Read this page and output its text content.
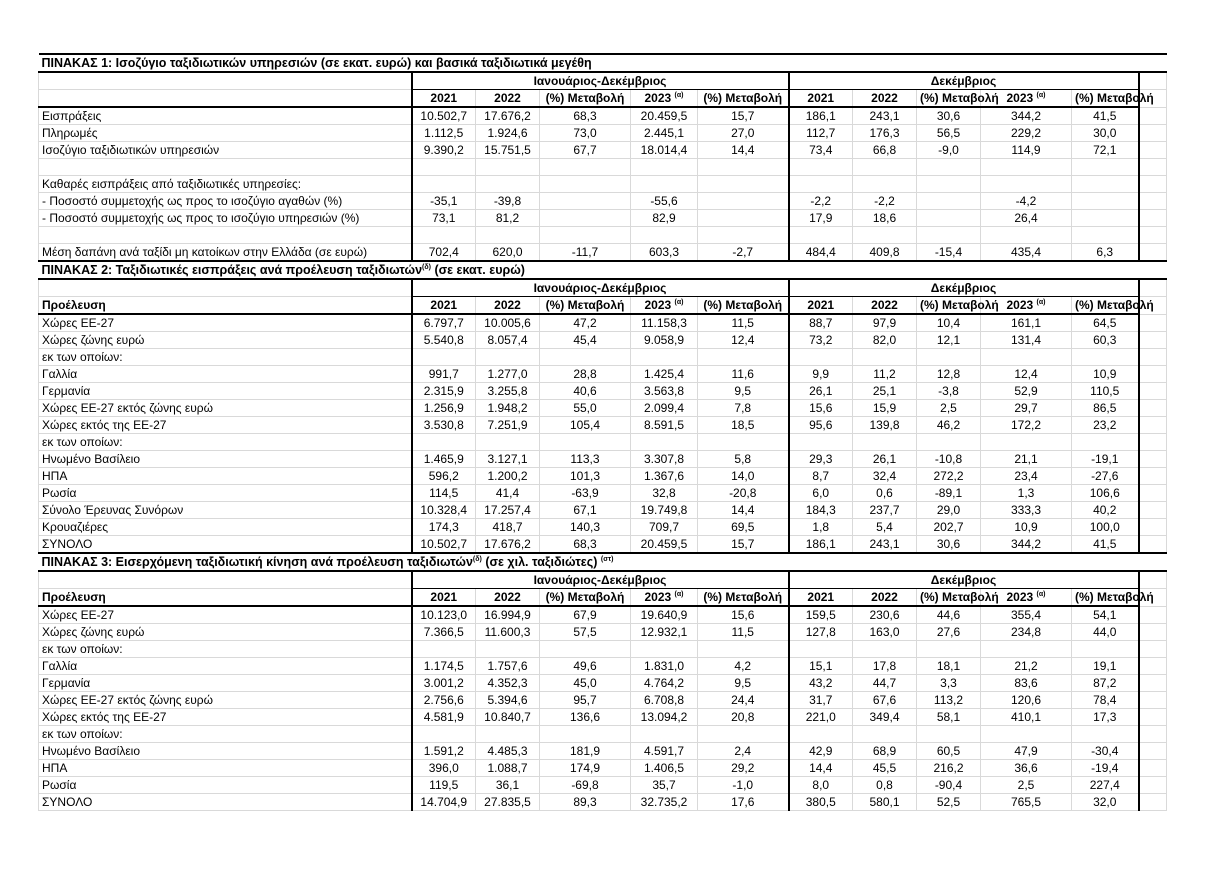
ΠΙΝΑΚΑΣ 1: Ισοζύγιο ταξιδιωτικών υπηρεσιών (σε εκατ. ευρώ) και βασικά ταξιδιωτικά μεγέθη											
	Ιανουάριος-Δεκέμβριος					Δεκέμβριος					
	2021	2022	(%) Μεταβολή	2023 $^{(\alpha)}$	(%) Μεταβολή	2021	2022	(%) Μεταβολή	2023 $^{(\alpha)}$	(%) Μεταβολή	
Εισπράξεις	10.502,7	17.676,2	68,3	20.459,5	15,7	186,1	243,1	30,6	344,2	41,5	
Πληρωμές	1.112,5	1.924,6	73,0	2.445,1	27,0	112,7	176,3	56,5	229,2	30,0	
Ισοζύγιο ταξιδιωτικών υπηρεσιών	9.390,2	15.751,5	67,7	18.014,4	14,4	73,4	66,8	-9,0	114,9	72,1	

Καθαρές εισπράξεις από ταξιδιωτικές υπηρεσίες:											
- Ποσοστό συμμετοχής ως προς το ισοζύγιο αγαθών (%)	-35,1	-39,8		-55,6		-2,2	-2,2		-4,2		
- Ποσοστό συμμετοχής ως προς το ισοζύγιο υπηρεσιών (%)	73,1	81,2		82,9		17,9	18,6		26,4		

Μέση δαπάνη ανά ταξίδι μη κατοίκων στην Ελλάδα (σε ευρώ)	702,4	620,0	-11,7	603,3	-2,7	484,4	409,8	-15,4	435,4	6,3	
ΠΙΝΑΚΑΣ 2: Ταξιδιωτικές εισπράξεις ανά προέλευση ταξιδιωτών$^{(\delta)}$ (σε εκατ. ευρώ)											
	Ιανουάριος-Δεκέμβριος					Δεκέμβριος					
Προέλευση	2021	2022	(%) Μεταβολή	2023 $^{(\alpha)}$	(%) Μεταβολή	2021	2022	(%) Μεταβολή	2023 $^{(\alpha)}$	(%) Μεταβολή	
Χώρες ΕΕ-27	6.797,7	10.005,6	47,2	11.158,3	11,5	88,7	97,9	10,4	161,1	64,5	
Χώρες ζώνης ευρώ	5.540,8	8.057,4	45,4	9.058,9	12,4	73,2	82,0	12,1	131,4	60,3	
εκ των οποίων:											
Γαλλία	991,7	1.277,0	28,8	1.425,4	11,6	9,9	11,2	12,8	12,4	10,9	
Γερμανία	2.315,9	3.255,8	40,6	3.563,8	9,5	26,1	25,1	-3,8	52,9	110,5	
Χώρες ΕΕ-27 εκτός ζώνης ευρώ	1.256,9	1.948,2	55,0	2.099,4	7,8	15,6	15,9	2,5	29,7	86,5	
Χώρες εκτός της ΕΕ-27	3.530,8	7.251,9	105,4	8.591,5	18,5	95,6	139,8	46,2	172,2	23,2	
εκ των οποίων:											
Ηνωμένο Βασίλειο	1.465,9	3.127,1	113,3	3.307,8	5,8	29,3	26,1	-10,8	21,1	-19,1	
ΗΠΑ	596,2	1.200,2	101,3	1.367,6	14,0	8,7	32,4	272,2	23,4	-27,6	
Ρωσία	114,5	41,4	-63,9	32,8	-20,8	6,0	0,6	-89,1	1,3	106,6	
Σύνολο Έρευνας Συνόρων	10.328,4	17.257,4	67,1	19.749,8	14,4	184,3	237,7	29,0	333,3	40,2	
Κρουαζιέρες	174,3	418,7	140,3	709,7	69,5	1,8	5,4	202,7	10,9	100,0	
ΣΥΝΟΛΟ	10.502,7	17.676,2	68,3	20.459,5	15,7	186,1	243,1	30,6	344,2	41,5	
ΠΙΝΑΚΑΣ 3: Εισερχόμενη ταξιδιωτική κίνηση ανά προέλευση ταξιδιωτών$^{(\delta)}$ (σε χιλ. ταξιδιώτες) $^{(\sigma\tau)}$
	Ιανουάριος-Δεκέμβριος					Δεκέμβριος					
Προέλευση	2021	2022	(%) Μεταβολή	2023 $^{(\alpha)}$	(%) Μεταβολή	2021	2022	(%) Μεταβολή	2023 $^{(\alpha)}$	(%) Μεταβολή	
Χώρες ΕΕ-27	10.123,0	16.994,9	67,9	19.640,9	15,6	159,5	230,6	44,6	355,4	54,1	
Χώρες ζώνης ευρώ	7.366,5	11.600,3	57,5	12.932,1	11,5	127,8	163,0	27,6	234,8	44,0	
εκ των οποίων:											
Γαλλία	1.174,5	1.757,6	49,6	1.831,0	4,2	15,1	17,8	18,1	21,2	19,1	
Γερμανία	3.001,2	4.352,3	45,0	4.764,2	9,5	43,2	44,7	3,3	83,6	87,2	
Χώρες ΕΕ-27 εκτός ζώνης ευρώ	2.756,6	5.394,6	95,7	6.708,8	24,4	31,7	67,6	113,2	120,6	78,4	
Χώρες εκτός της ΕΕ-27	4.581,9	10.840,7	136,6	13.094,2	20,8	221,0	349,4	58,1	410,1	17,3	
εκ των οποίων:											
Ηνωμένο Βασίλειο	1.591,2	4.485,3	181,9	4.591,7	2,4	42,9	68,9	60,5	47,9	-30,4	
ΗΠΑ	396,0	1.088,7	174,9	1.406,5	29,2	14,4	45,5	216,2	36,6	-19,4	
Ρωσία	119,5	36,1	-69,8	35,7	-1,0	8,0	0,8	-90,4	2,5	227,4	
ΣΥΝΟΛΟ	14.704,9	27.835,5	89,3	32.735,2	17,6	380,5	580,1	52,5	765,5	32,0	
